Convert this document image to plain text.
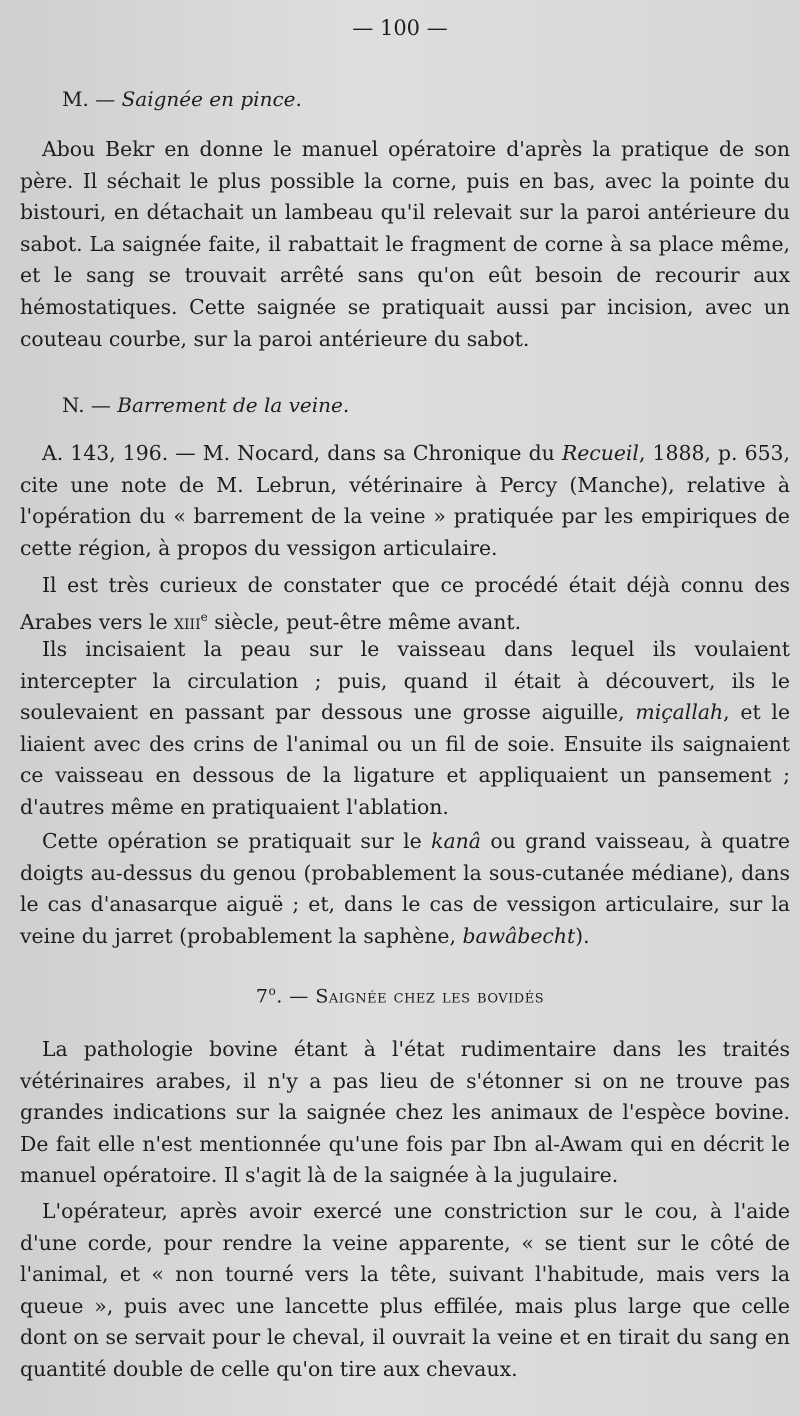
— 100 —
M. — Saignée en pince.

Abou Bekr en donne le manuel opératoire d'après la pratique de son père. Il séchait le plus possible la corne, puis en bas, avec la pointe du bistouri, en détachait un lambeau qu'il relevait sur la paroi antérieure du sabot. La saignée faite, il rabattait le fragment de corne à sa place même, et le sang se trouvait arrêté sans qu'on eût besoin de recourir aux hémostatiques. Cette saignée se pratiquait aussi par incision, avec un couteau courbe, sur la paroi antérieure du sabot.

N. — Barrement de la veine.

A. 143, 196. — M. Nocard, dans sa Chronique du Recueil, 1888, p. 653, cite une note de M. Lebrun, vétérinaire à Percy (Manche), relative à l'opération du « barrement de la veine » pratiquée par les empiriques de cette région, à propos du vessigon articulaire.

Il est très curieux de constater que ce procédé était déjà connu des Arabes vers le xiii$^e$ siècle, peut-être même avant.

Ils incisaient la peau sur le vaisseau dans lequel ils voulaient intercepter la circulation ; puis, quand il était à découvert, ils le soulevaient en passant par dessous une grosse aiguille, miçallah, et le liaient avec des crins de l'animal ou un fil de soie. Ensuite ils saignaient ce vaisseau en dessous de la ligature et appliquaient un pansement ; d'autres même en pratiquaient l'ablation.

Cette opération se pratiquait sur le kanâ ou grand vaisseau, à quatre doigts au-dessus du genou (probablement la sous-cutanée médiane), dans le cas d'anasarque aiguë ; et, dans le cas de vessigon articulaire, sur la veine du jarret (probablement la saphène, bawâbecht).

7$^o$. — Saignée chez les bovidés

La pathologie bovine étant à l'état rudimentaire dans les traités vétérinaires arabes, il n'y a pas lieu de s'étonner si on ne trouve pas grandes indications sur la saignée chez les animaux de l'espèce bovine. De fait elle n'est mentionnée qu'une fois par Ibn al-Awam qui en décrit le manuel opératoire. Il s'agit là de la saignée à la jugulaire.

L'opérateur, après avoir exercé une constriction sur le cou, à l'aide d'une corde, pour rendre la veine apparente, « se tient sur le côté de l'animal, et « non tourné vers la tête, suivant l'habitude, mais vers la queue », puis avec une lancette plus effilée, mais plus large que celle dont on se servait pour le cheval, il ouvrait la veine et en tirait du sang en quantité double de celle qu'on tire aux chevaux.
